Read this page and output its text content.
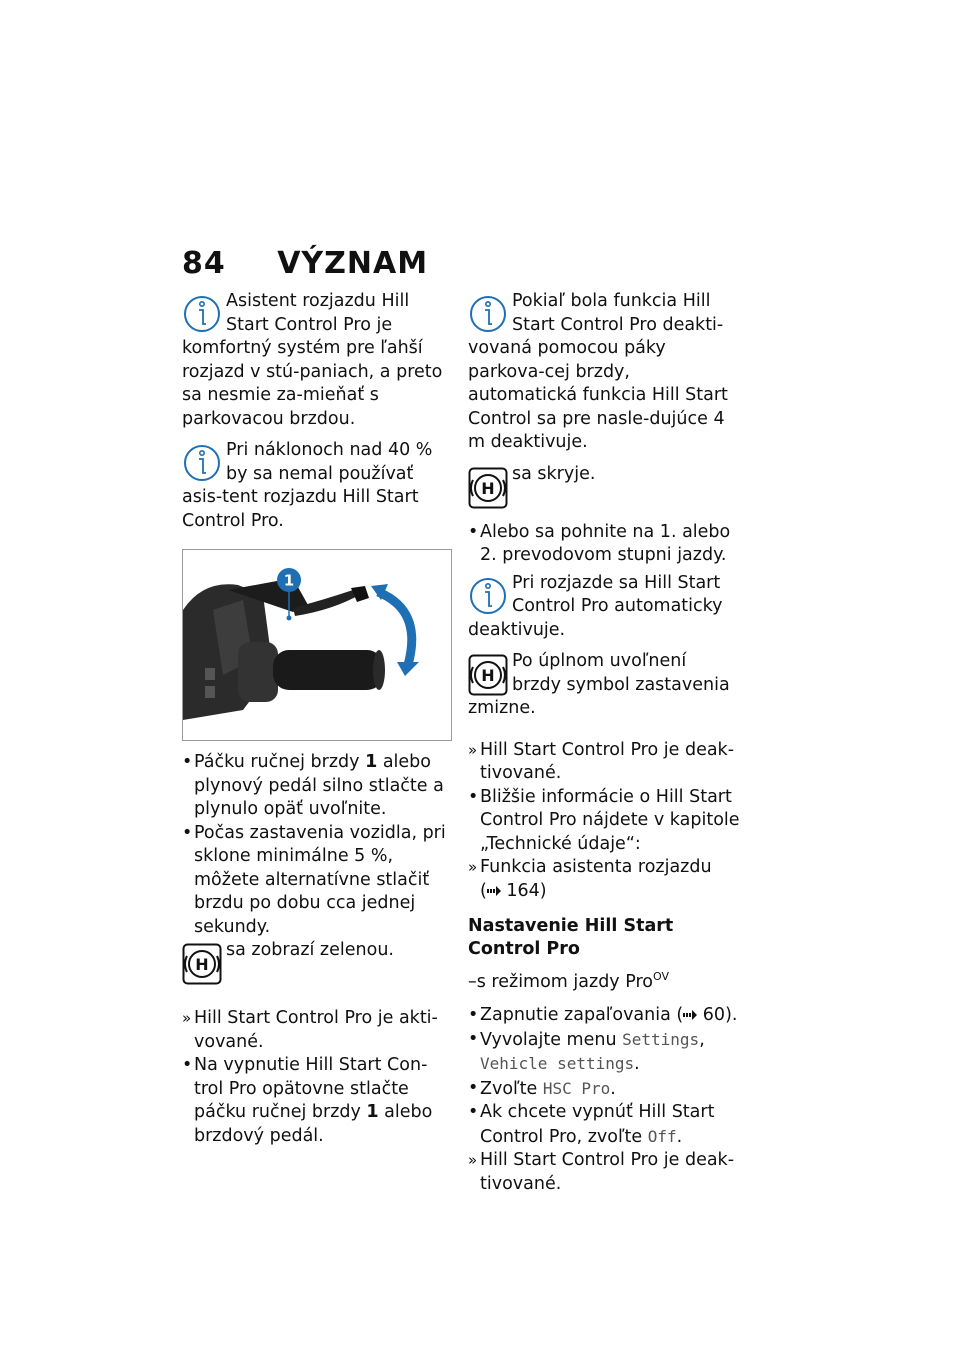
84 VÝZNAM
Asistent rozjazdu Hill Start Control Pro je komfortný systém pre ľahší rozjazd v stú-paniach, a preto sa nesmie za-mieňať s parkovacou brzdou.
Pri náklonoch nad 40 % by sa nemal používať asis-tent rozjazdu Hill Start Control Pro.
1
• Páčku ručnej brzdy 1 alebo plynový pedál silno stlačte a plynulo opäť uvoľnite.
• Počas zastavenia vozidla, pri sklone minimálne 5 %, môžete alternatívne stlačiť brzdu po dobu cca jednej sekundy.
sa zobrazí zelenou.
» Hill Start Control Pro je akti-vované.
• Na vypnutie Hill Start Con-trol Pro opätovne stlačte páčku ručnej brzdy 1 alebo brzdový pedál.
Pokiaľ bola funkcia Hill Start Control Pro deakti-vovaná pomocou páky parkova-cej brzdy, automatická funkcia Hill Start Control sa pre nasle-dujúce 4 m deaktivuje.
sa skryje.
• Alebo sa pohnite na 1. alebo 2. prevodovom stupni jazdy.
Pri rozjazde sa Hill Start Control Pro automaticky deaktivuje.
Po úplnom uvoľnení brzdy symbol zastavenia zmizne.
» Hill Start Control Pro je deak-tivované.
• Bližšie informácie o Hill Start Control Pro nájdete v kapitole „Technické údaje“:
» Funkcia asistenta rozjazdu
( 164)
Nastavenie Hill Start Control Pro
–s režimom jazdy Pro$^{OV}$
• Zapnutie zapaľovania ( 60).
• Vyvolajte menu Settings,
Vehicle settings.
• Zvoľte HSC Pro.
• Ak chcete vypnúť Hill Start Control Pro, zvoľte Off.
» Hill Start Control Pro je deak-tivované.
